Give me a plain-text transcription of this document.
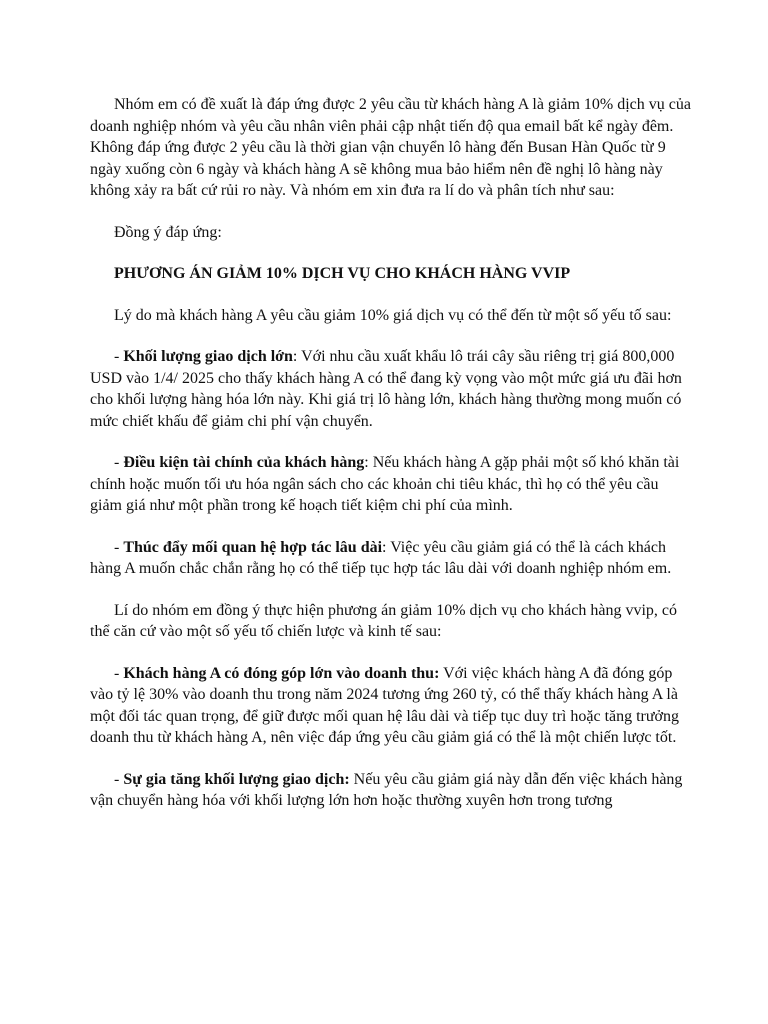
Nhóm em có đề xuất là đáp ứng được 2 yêu cầu từ khách hàng A là giảm 10% dịch vụ của doanh nghiệp nhóm và yêu cầu nhân viên phải cập nhật tiến độ qua email bất kể ngày đêm. Không đáp ứng được 2 yêu cầu là thời gian vận chuyển lô hàng đến Busan Hàn Quốc từ 9 ngày xuống còn 6 ngày và khách hàng A sẽ không mua bảo hiểm nên đề nghị lô hàng này không xảy ra bất cứ rủi ro này. Và nhóm em xin đưa ra lí do và phân tích như sau:

Đồng ý đáp ứng:

PHƯƠNG ÁN GIẢM 10% DỊCH VỤ CHO KHÁCH HÀNG VVIP

Lý do mà khách hàng A yêu cầu giảm 10% giá dịch vụ có thể đến từ một số yếu tố sau:

- Khối lượng giao dịch lớn: Với nhu cầu xuất khẩu lô trái cây sầu riêng trị giá 800,000 USD vào 1/4/ 2025 cho thấy khách hàng A có thể đang kỳ vọng vào một mức giá ưu đãi hơn cho khối lượng hàng hóa lớn này. Khi giá trị lô hàng lớn, khách hàng thường mong muốn có mức chiết khấu để giảm chi phí vận chuyển.

- Điều kiện tài chính của khách hàng: Nếu khách hàng A gặp phải một số khó khăn tài chính hoặc muốn tối ưu hóa ngân sách cho các khoản chi tiêu khác, thì họ có thể yêu cầu giảm giá như một phần trong kế hoạch tiết kiệm chi phí của mình.

- Thúc đẩy mối quan hệ hợp tác lâu dài: Việc yêu cầu giảm giá có thể là cách khách hàng A muốn chắc chắn rằng họ có thể tiếp tục hợp tác lâu dài với doanh nghiệp nhóm em.

Lí do nhóm em đồng ý thực hiện phương án giảm 10% dịch vụ cho khách hàng vvip, có thể căn cứ vào một số yếu tố chiến lược và kinh tế sau:

- Khách hàng A có đóng góp lớn vào doanh thu: Với việc khách hàng A đã đóng góp vào tỷ lệ 30% vào doanh thu trong năm 2024 tương ứng 260 tỷ, có thể thấy khách hàng A là một đối tác quan trọng, để giữ được mối quan hệ lâu dài và tiếp tục duy trì hoặc tăng trưởng doanh thu từ khách hàng A, nên việc đáp ứng yêu cầu giảm giá có thể là một chiến lược tốt.

- Sự gia tăng khối lượng giao dịch: Nếu yêu cầu giảm giá này dẫn đến việc khách hàng vận chuyển hàng hóa với khối lượng lớn hơn hoặc thường xuyên hơn trong tương
